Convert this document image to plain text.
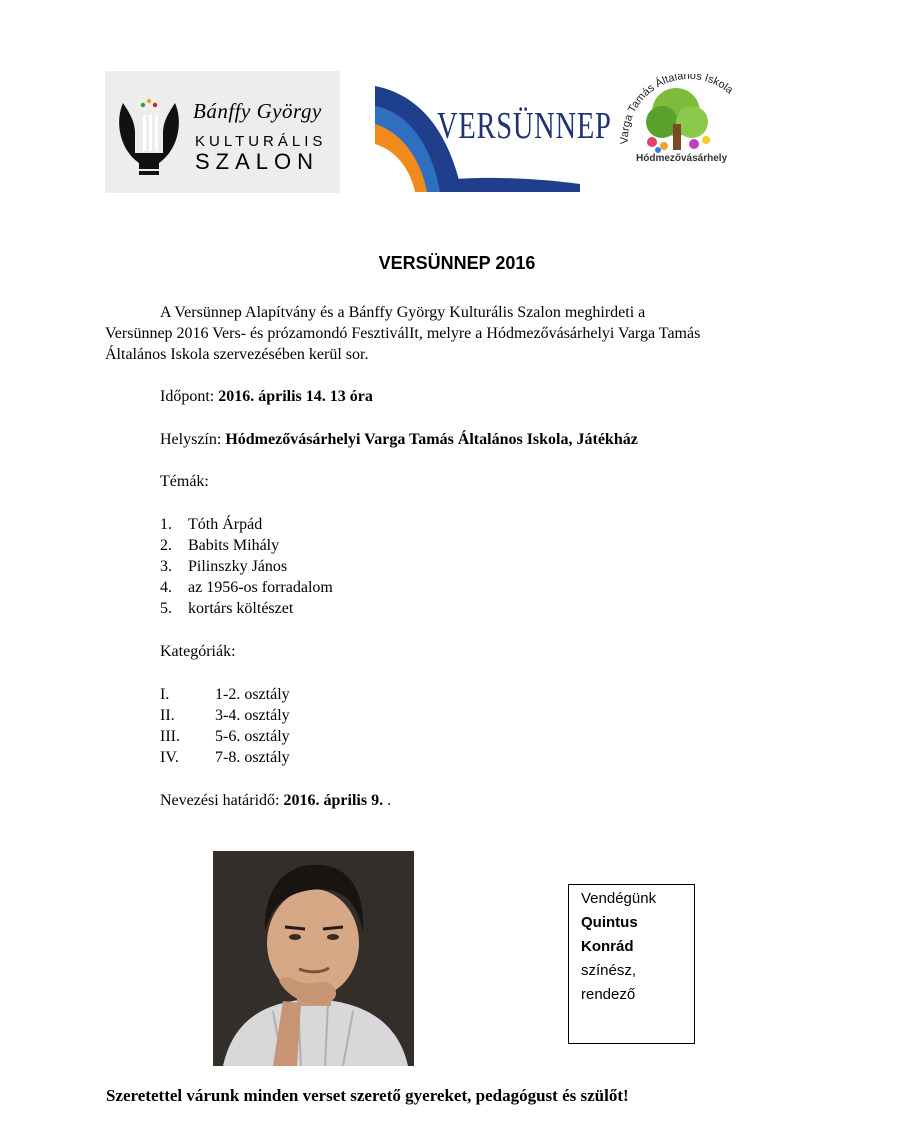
Bánffy György
KULTURÁLIS
SZALON
VERSÜNNEP Varga Tamás Általános Iskola
Hódmezővásárhely
VERSÜNNEP 2016
A Versünnep Alapítvány és a Bánffy György Kulturális Szalon meghirdeti a
Versünnep 2016 Vers- és prózamondó FesztiválIt, melyre a Hódmezővásárhelyi Varga Tamás
Általános Iskola szervezésében kerül sor.
Időpont: 2016. április 14. 13 óra
Helyszín: Hódmezővásárhelyi Varga Tamás Általános Iskola, Játékház
Témák:
1. Tóth Árpád
2. Babits Mihály
3. Pilinszky János
4. az 1956-os forradalom
5. kortárs költészet
Kategóriák:
I.	1-2. osztály
II.	3-4. osztály
III. 5-6. osztály
IV. 7-8. osztály
Nevezési határidő: 2016. április 9. .
Vendégünk
Quintus
Konrád
színész,
rendező
Szeretettel várunk minden verset szerető gyereket, pedagógust és szülőt!
